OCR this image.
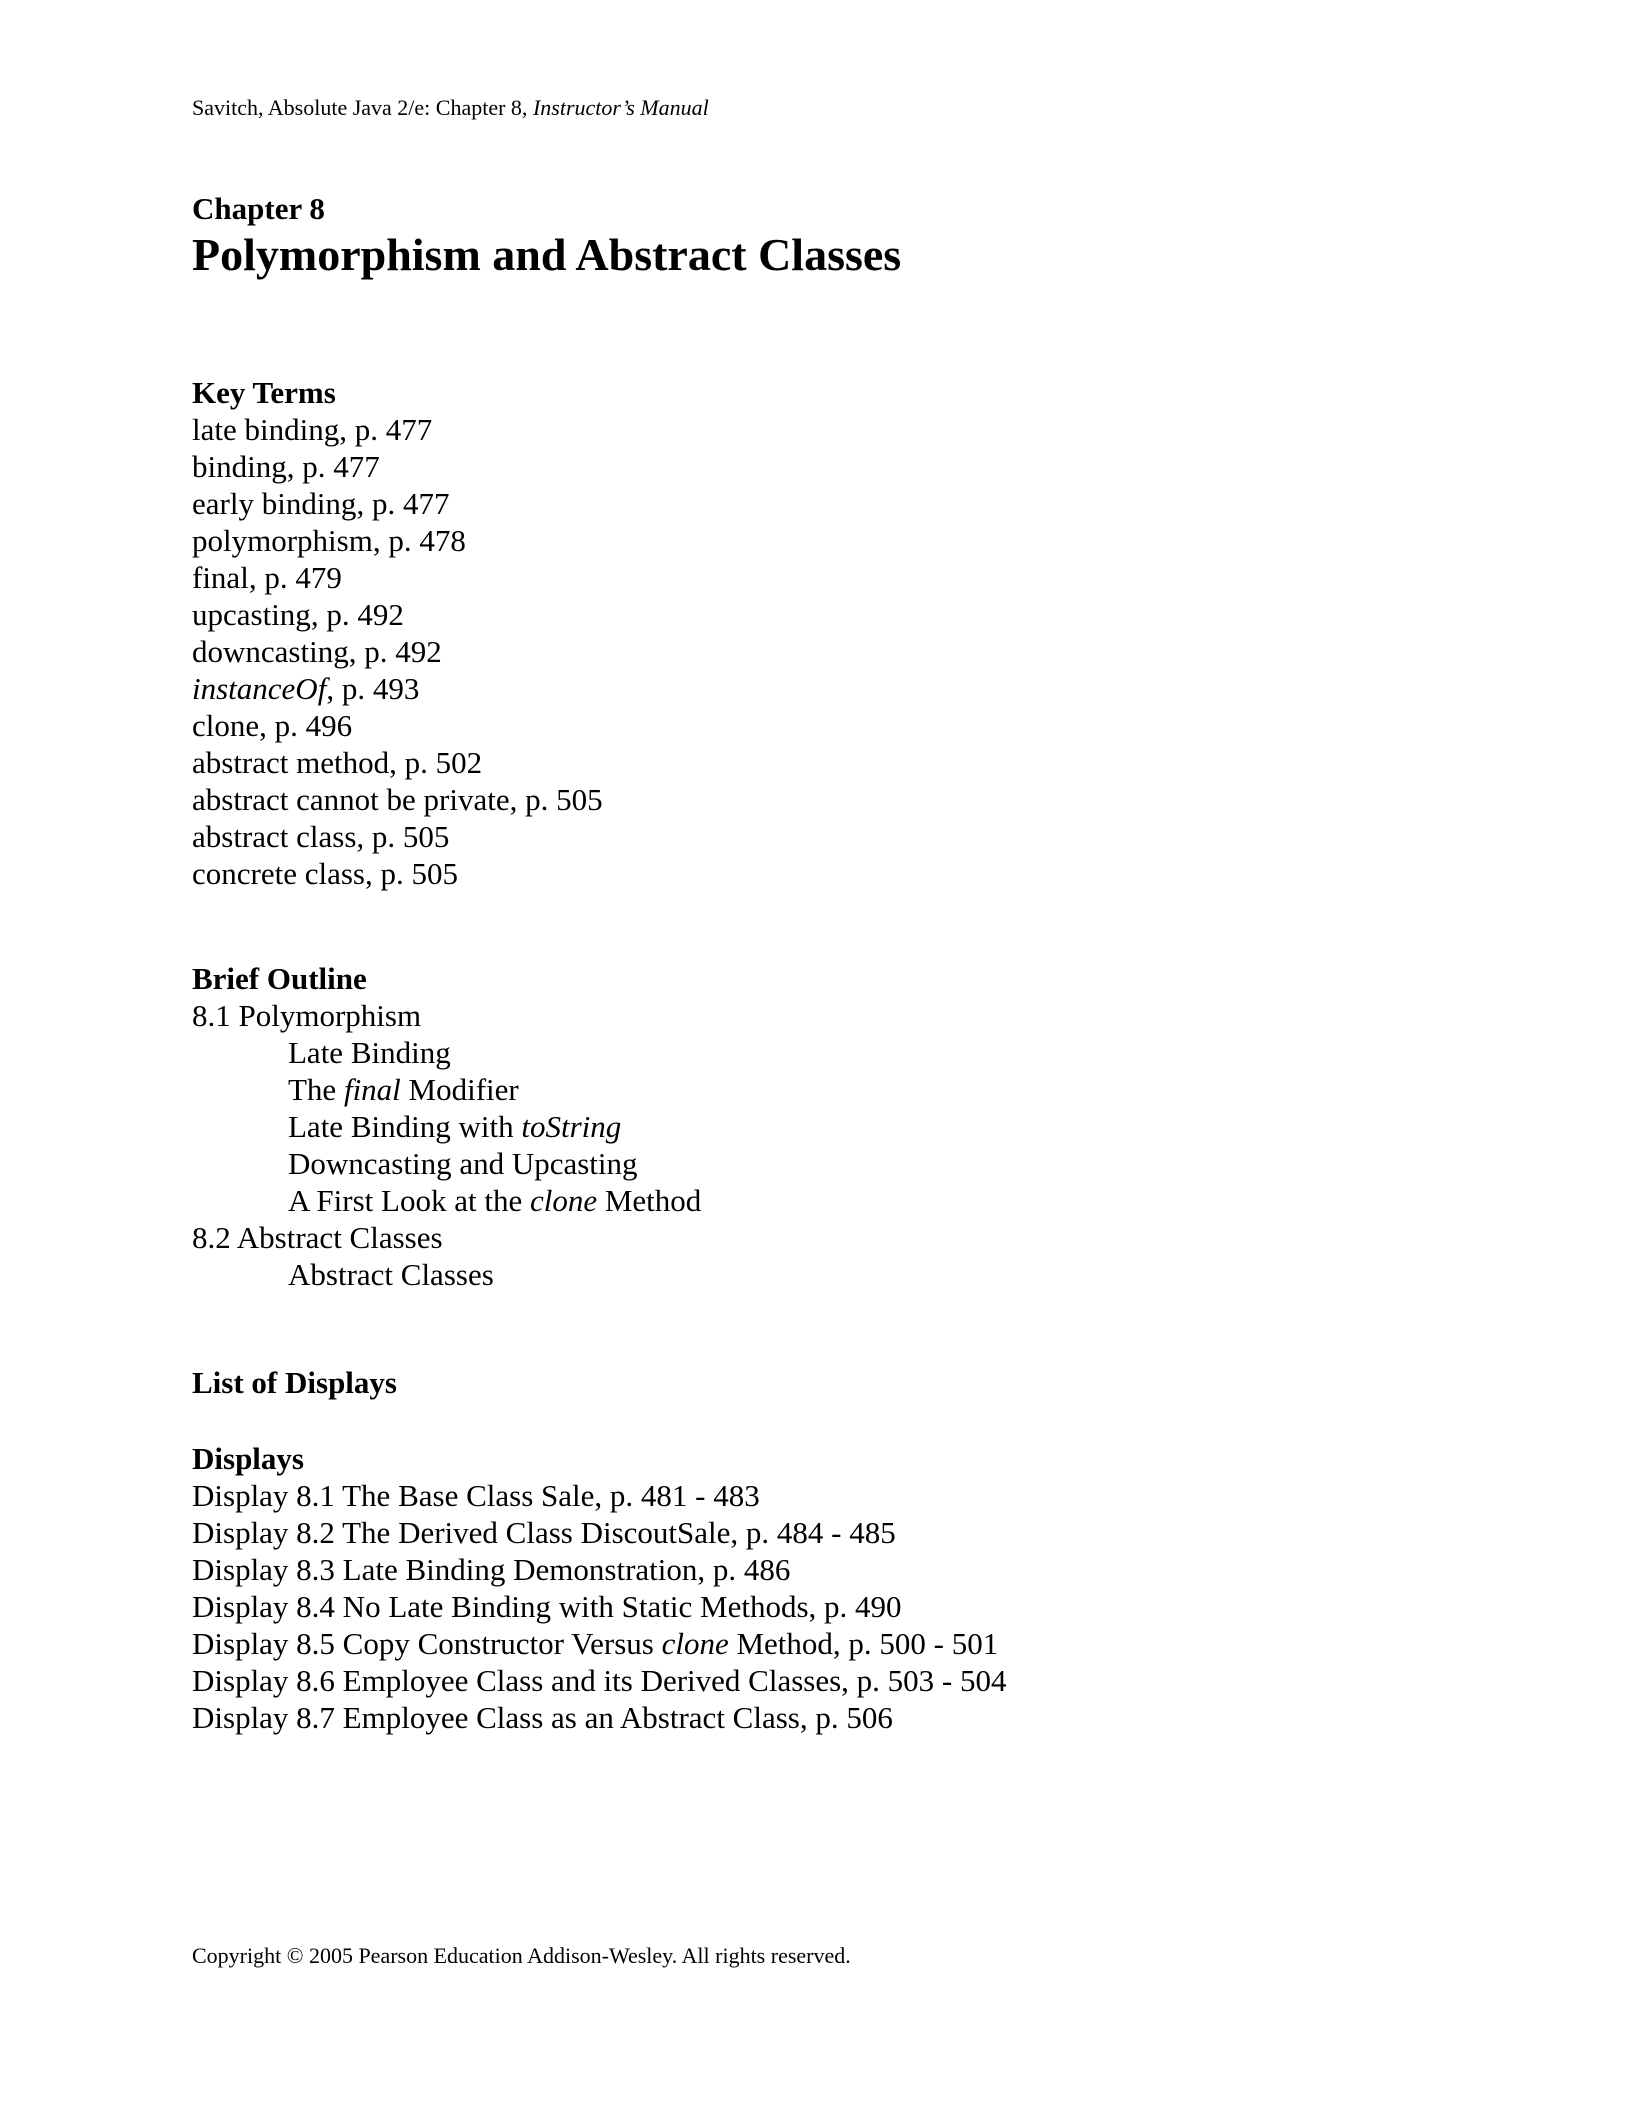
Savitch, Absolute Java 2/e: Chapter 8, Instructor’s Manual
Chapter 8
Polymorphism and Abstract Classes
Key Terms
late binding, p. 477
binding, p. 477
early binding, p. 477
polymorphism, p. 478
final, p. 479
upcasting, p. 492
downcasting, p. 492
instanceOf, p. 493
clone, p. 496
abstract method, p. 502
abstract cannot be private, p. 505
abstract class, p. 505
concrete class, p. 505
Brief Outline
8.1 Polymorphism
Late Binding
The final Modifier
Late Binding with toString
Downcasting and Upcasting
A First Look at the clone Method
8.2 Abstract Classes
Abstract Classes
List of Displays
Displays
Display 8.1 The Base Class Sale, p. 481 - 483
Display 8.2 The Derived Class DiscoutSale, p. 484 - 485
Display 8.3 Late Binding Demonstration, p. 486
Display 8.4 No Late Binding with Static Methods, p. 490
Display 8.5 Copy Constructor Versus clone Method, p. 500 - 501
Display 8.6 Employee Class and its Derived Classes, p. 503 - 504
Display 8.7 Employee Class as an Abstract Class, p. 506
Copyright © 2005 Pearson Education Addison-Wesley. All rights reserved.
